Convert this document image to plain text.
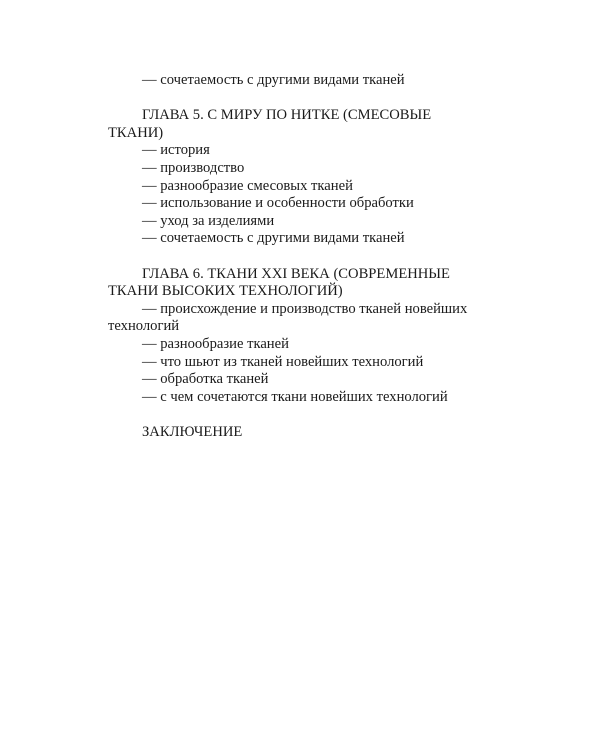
— сочетаемость с другими видами тканей
ГЛАВА 5. С МИРУ ПО НИТКЕ (СМЕСОВЫЕ
ТКАНИ)
— история
— производство
— разнообразие смесовых тканей
— использование и особенности обработки
— уход за изделиями
— сочетаемость с другими видами тканей
ГЛАВА 6. ТКАНИ XXI ВЕКА (СОВРЕМЕННЫЕ
ТКАНИ ВЫСОКИХ ТЕХНОЛОГИЙ)
— происхождение и производство тканей новейших
технологий
— разнообразие тканей
— что шьют из тканей новейших технологий
— обработка тканей
— с чем сочетаются ткани новейших технологий
ЗАКЛЮЧЕНИЕ
